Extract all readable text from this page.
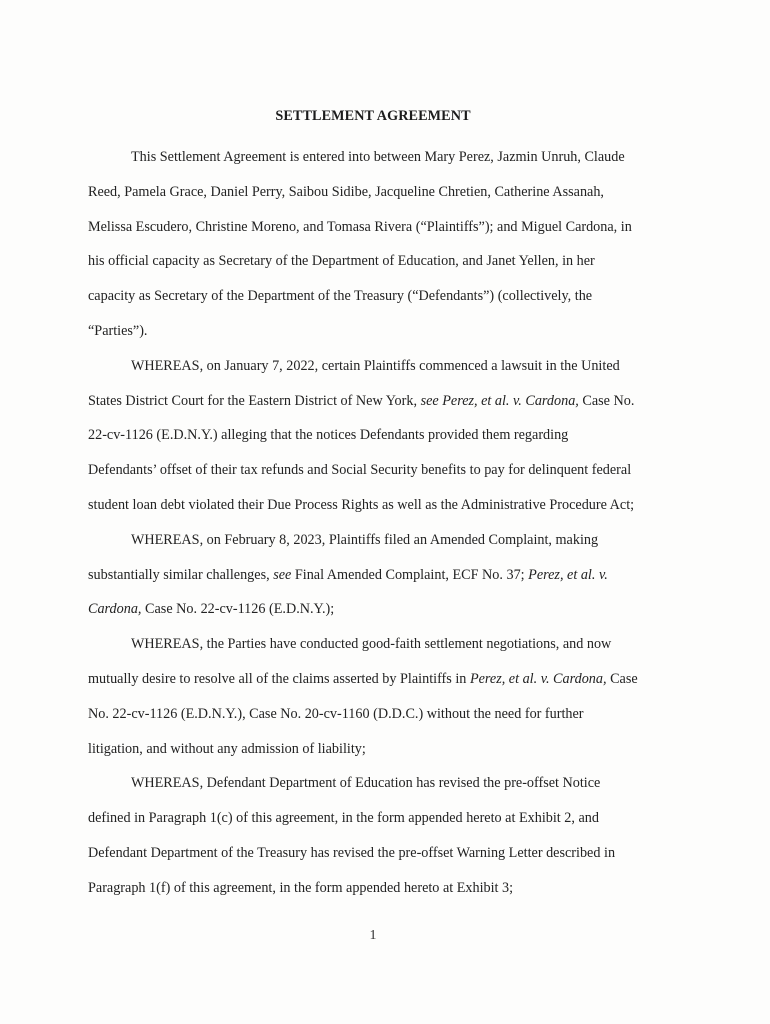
SETTLEMENT AGREEMENT
This Settlement Agreement is entered into between Mary Perez, Jazmin Unruh, Claude
Reed, Pamela Grace, Daniel Perry, Saibou Sidibe, Jacqueline Chretien, Catherine Assanah,
Melissa Escudero, Christine Moreno, and Tomasa Rivera (“Plaintiffs”); and Miguel Cardona, in
his official capacity as Secretary of the Department of Education, and Janet Yellen, in her
capacity as Secretary of the Department of the Treasury (“Defendants”) (collectively, the
“Parties”).
WHEREAS, on January 7, 2022, certain Plaintiffs commenced a lawsuit in the United
States District Court for the Eastern District of New York, see Perez, et al. v. Cardona, Case No.
22-cv-1126 (E.D.N.Y.) alleging that the notices Defendants provided them regarding
Defendants’ offset of their tax refunds and Social Security benefits to pay for delinquent federal
student loan debt violated their Due Process Rights as well as the Administrative Procedure Act;
WHEREAS, on February 8, 2023, Plaintiffs filed an Amended Complaint, making
substantially similar challenges, see Final Amended Complaint, ECF No. 37; Perez, et al. v.
Cardona, Case No. 22-cv-1126 (E.D.N.Y.);
WHEREAS, the Parties have conducted good-faith settlement negotiations, and now
mutually desire to resolve all of the claims asserted by Plaintiffs in Perez, et al. v. Cardona, Case
No. 22-cv-1126 (E.D.N.Y.), Case No. 20-cv-1160 (D.D.C.) without the need for further
litigation, and without any admission of liability;
WHEREAS, Defendant Department of Education has revised the pre-offset Notice
defined in Paragraph 1(c) of this agreement, in the form appended hereto at Exhibit 2, and
Defendant Department of the Treasury has revised the pre-offset Warning Letter described in
Paragraph 1(f) of this agreement, in the form appended hereto at Exhibit 3;
1
